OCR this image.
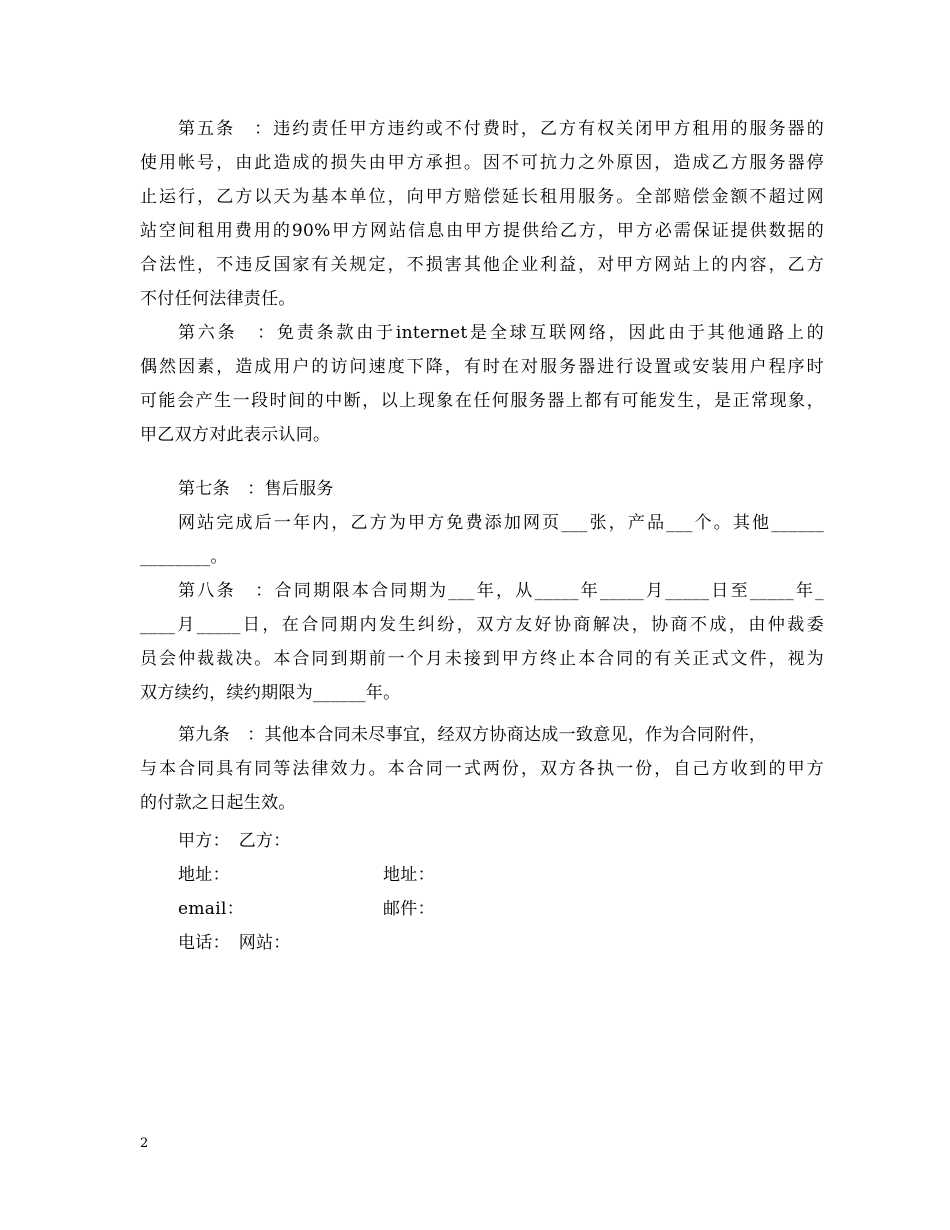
第五条　：违约责任甲方违约或不付费时，乙方有权关闭甲方租用的服务器的
使用帐号，由此造成的损失由甲方承担。因不可抗力之外原因，造成乙方服务器停
止运行，乙方以天为基本单位，向甲方赔偿延长租用服务。全部赔偿金额不超过网
站空间租用费用的90%甲方网站信息由甲方提供给乙方，甲方必需保证提供数据的
合法性，不违反国家有关规定，不损害其他企业利益，对甲方网站上的内容，乙方
不付任何法律责任。
第六条　：免责条款由于internet是全球互联网络，因此由于其他通路上的
偶然因素，造成用户的访问速度下降，有时在对服务器进行设置或安装用户程序时
可能会产生一段时间的中断，以上现象在任何服务器上都有可能发生，是正常现象，
甲乙双方对此表示认同。
第七条　：售后服务
网站完成后一年内，乙方为甲方免费添加网页___张，产品___个。其他______
________。
第八条　：合同期限本合同期为___年，从_____年_____月_____日至_____年_
____月_____日，在合同期内发生纠纷，双方友好协商解决，协商不成，由仲裁委
员会仲裁裁决。本合同到期前一个月未接到甲方终止本合同的有关正式文件，视为
双方续约，续约期限为______年。
第九条　：其他本合同未尽事宜，经双方协商达成一致意见，作为合同附件，
与本合同具有同等法律效力。本合同一式两份，双方各执一份，自己方收到的甲方
的付款之日起生效。
甲方：　乙方：
地址：	地址：
email：	邮件：
电话：　网站：
2
